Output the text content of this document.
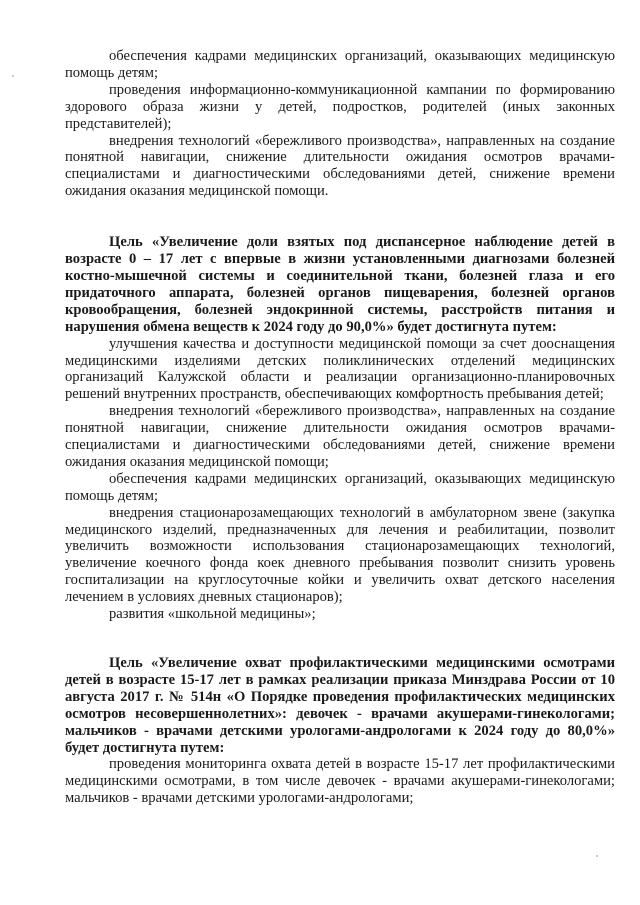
обеспечения кадрами медицинских организаций, оказывающих медицинскую помощь детям;

проведения информационно-коммуникационной кампании по формированию здорового образа жизни у детей, подростков, родителей (иных законных представителей);

внедрения технологий «бережливого производства», направленных на создание понятной навигации, снижение длительности ожидания осмотров врачами-специалистами и диагностическими обследованиями детей, снижение времени ожидания оказания медицинской помощи.

Цель «Увеличение доли взятых под диспансерное наблюдение детей в возрасте 0 – 17 лет с впервые в жизни установленными диагнозами болезней костно-мышечной системы и соединительной ткани, болезней глаза и его придаточного аппарата, болезней органов пищеварения, болезней органов кровообращения, болезней эндокринной системы, расстройств питания и нарушения обмена веществ к 2024 году до 90,0%» будет достигнута путем:

улучшения качества и доступности медицинской помощи за счет дооснащения медицинскими изделиями детских поликлинических отделений медицинских организаций Калужской области и реализации организационно-планировочных решений внутренних пространств, обеспечивающих комфортность пребывания детей;

внедрения технологий «бережливого производства», направленных на создание понятной навигации, снижение длительности ожидания осмотров врачами-специалистами и диагностическими обследованиями детей, снижение времени ожидания оказания медицинской помощи;

обеспечения кадрами медицинских организаций, оказывающих медицинскую помощь детям;

внедрения стационарозамещающих технологий в амбулаторном звене (закупка медицинского изделий, предназначенных для лечения и реабилитации, позволит увеличить возможности использования стационарозамещающих технологий, увеличение коечного фонда коек дневного пребывания позволит снизить уровень госпитализации на круглосуточные койки и увеличить охват детского населения лечением в условиях дневных стационаров);

развития «школьной медицины»;

Цель «Увеличение охват профилактическими медицинскими осмотрами детей в возрасте 15-17 лет в рамках реализации приказа Минздрава России от 10 августа 2017 г. № 514н «О Порядке проведения профилактических медицинских осмотров несовершеннолетних»: девочек - врачами акушерами-гинекологами; мальчиков - врачами детскими урологами-андрологами к 2024 году до 80,0%» будет достигнута путем:

проведения мониторинга охвата детей в возрасте 15-17 лет профилактическими медицинскими осмотрами, в том числе девочек - врачами акушерами-гинекологами; мальчиков - врачами детскими урологами-андрологами;
